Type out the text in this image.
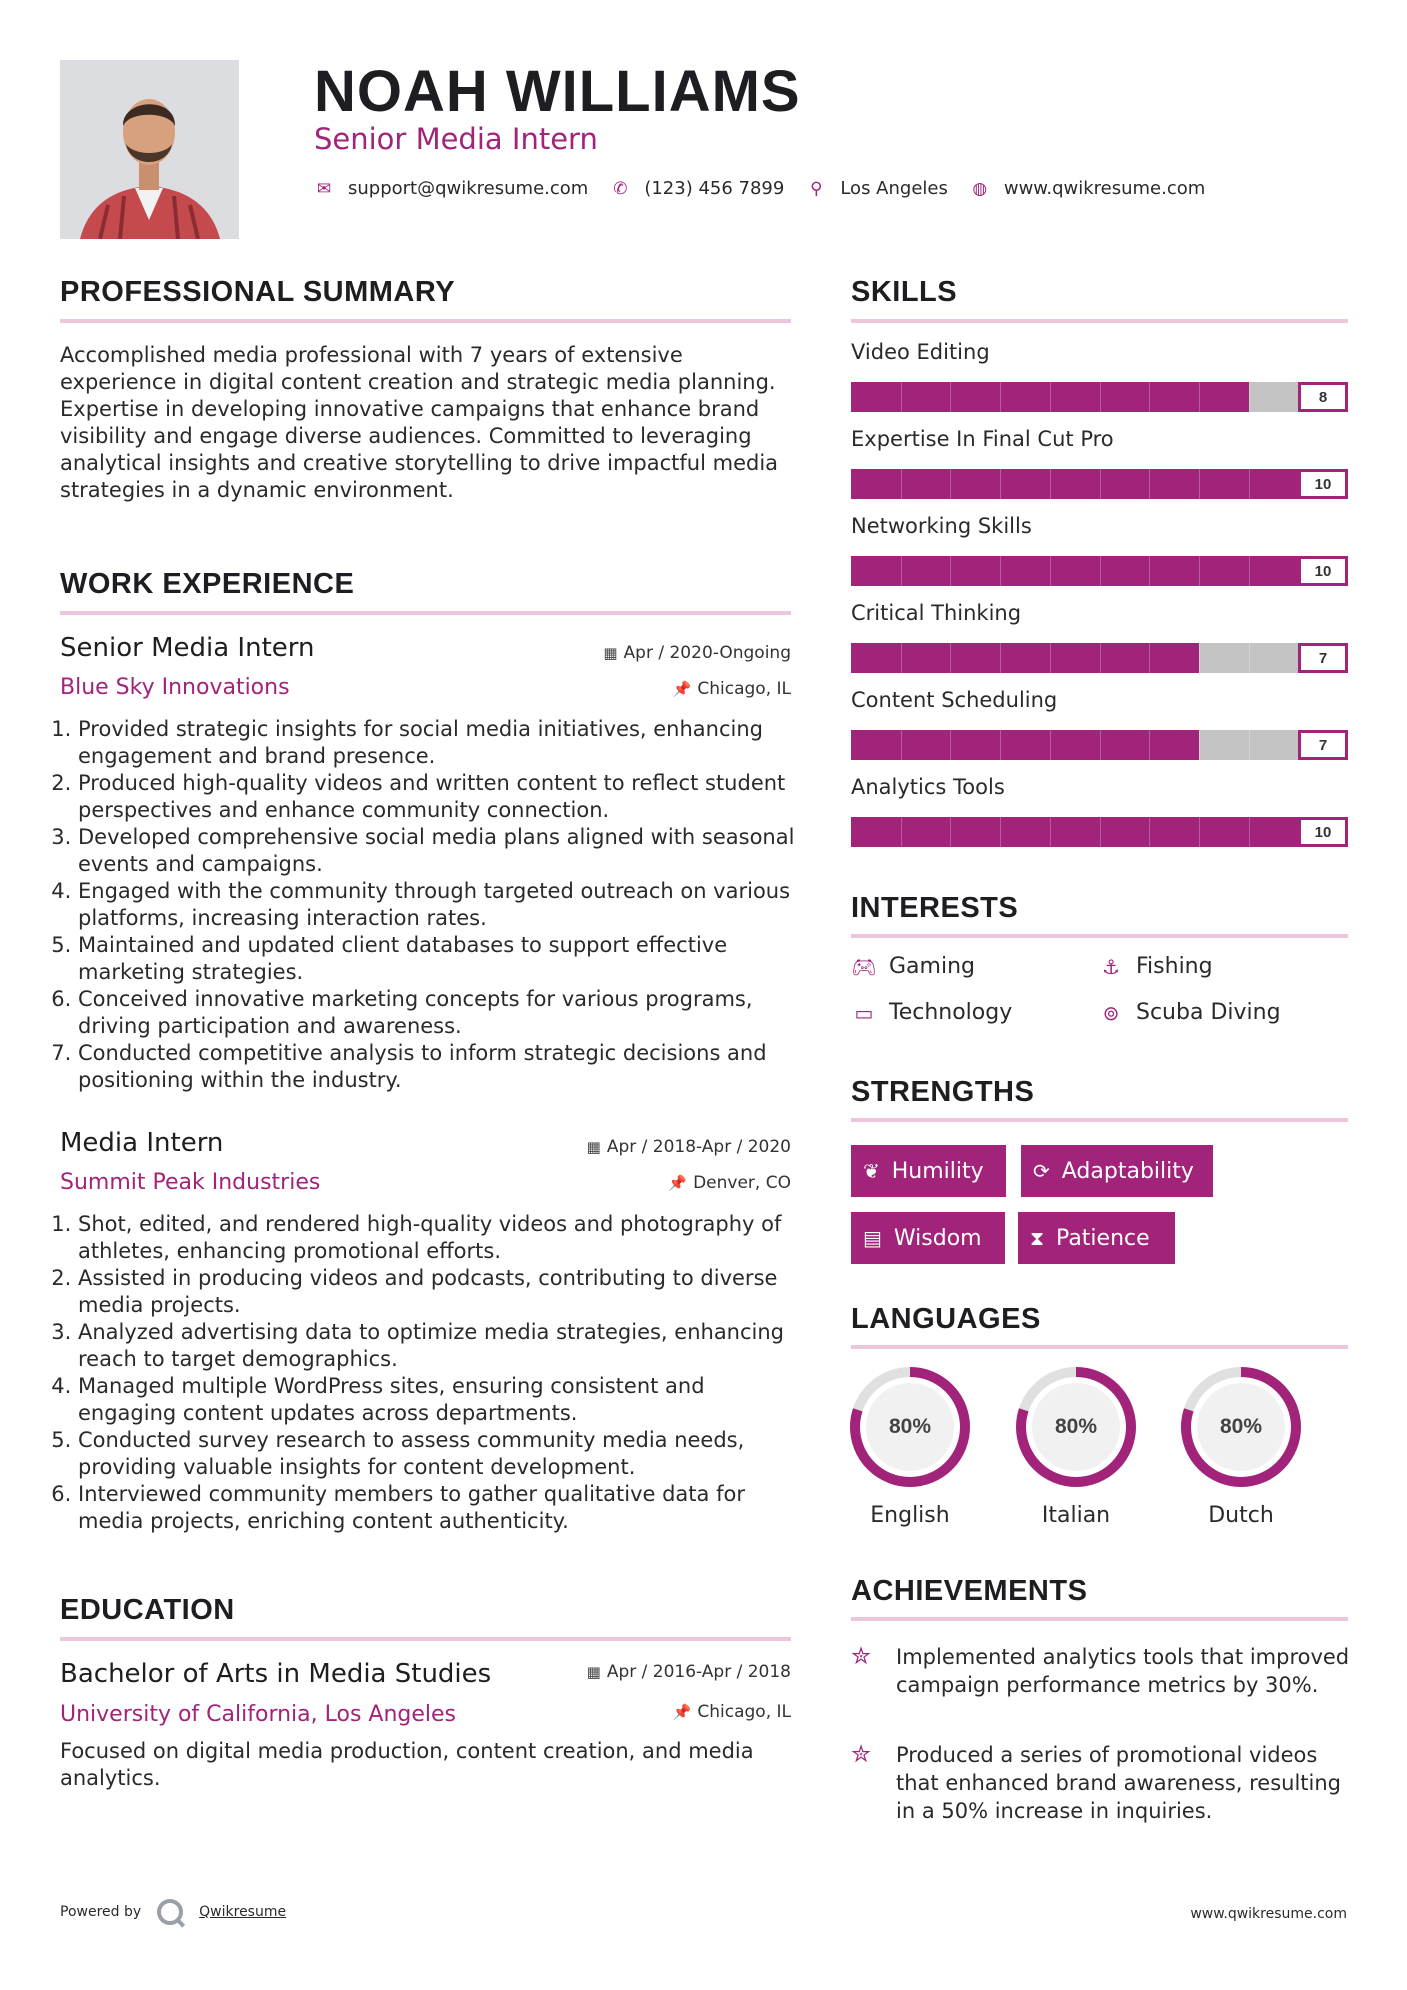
NOAH WILLIAMS
Senior Media Intern
✉ support@qwikresume.com ✆ (123) 456 7899 ⚲ Los Angeles ◍ www.qwikresume.com
PROFESSIONAL SUMMARY
Accomplished media professional with 7 years of extensive experience in digital content creation and strategic media planning. Expertise in developing innovative campaigns that enhance brand visibility and engage diverse audiences. Committed to leveraging analytical insights and creative storytelling to drive impactful media strategies in a dynamic environment.
WORK EXPERIENCE
Senior Media Intern	▦ Apr / 2020-Ongoing
Blue Sky Innovations	📌 Chicago, IL
1. Provided strategic insights for social media initiatives, enhancing engagement and brand presence.
2. Produced high-quality videos and written content to reflect student perspectives and enhance community connection.
3. Developed comprehensive social media plans aligned with seasonal events and campaigns.
4. Engaged with the community through targeted outreach on various platforms, increasing interaction rates.
5. Maintained and updated client databases to support effective marketing strategies.
6. Conceived innovative marketing concepts for various programs, driving participation and awareness.
7. Conducted competitive analysis to inform strategic decisions and positioning within the industry.
Media Intern	▦ Apr / 2018-Apr / 2020
Summit Peak Industries	📌 Denver, CO
1. Shot, edited, and rendered high-quality videos and photography of athletes, enhancing promotional efforts.
2. Assisted in producing videos and podcasts, contributing to diverse media projects.
3. Analyzed advertising data to optimize media strategies, enhancing reach to target demographics.
4. Managed multiple WordPress sites, ensuring consistent and engaging content updates across departments.
5. Conducted survey research to assess community media needs, providing valuable insights for content development.
6. Interviewed community members to gather qualitative data for media projects, enriching content authenticity.
EDUCATION
Bachelor of Arts in Media Studies	▦ Apr / 2016-Apr / 2018
University of California, Los Angeles	📌 Chicago, IL
Focused on digital media production, content creation, and media analytics.
SKILLS
Video Editing
8
Expertise In Final Cut Pro
10
Networking Skills
10
Critical Thinking
7
Content Scheduling
7
Analytics Tools
10
INTERESTS
🎮︎ Gaming	⚓︎ Fishing
▭ Technology	⊚ Scuba Diving
STRENGTHS
❦ Humility ⟳ Adaptability
▤ Wisdom ⧗ Patience
LANGUAGES
80%
English
80%
Italian
80%
Dutch
ACHIEVEMENTS
✮ Implemented analytics tools that improved campaign performance metrics by 30%.
✮ Produced a series of promotional videos that enhanced brand awareness, resulting in a 50% increase in inquiries.
Powered by	Qwikresume	www.qwikresume.com
